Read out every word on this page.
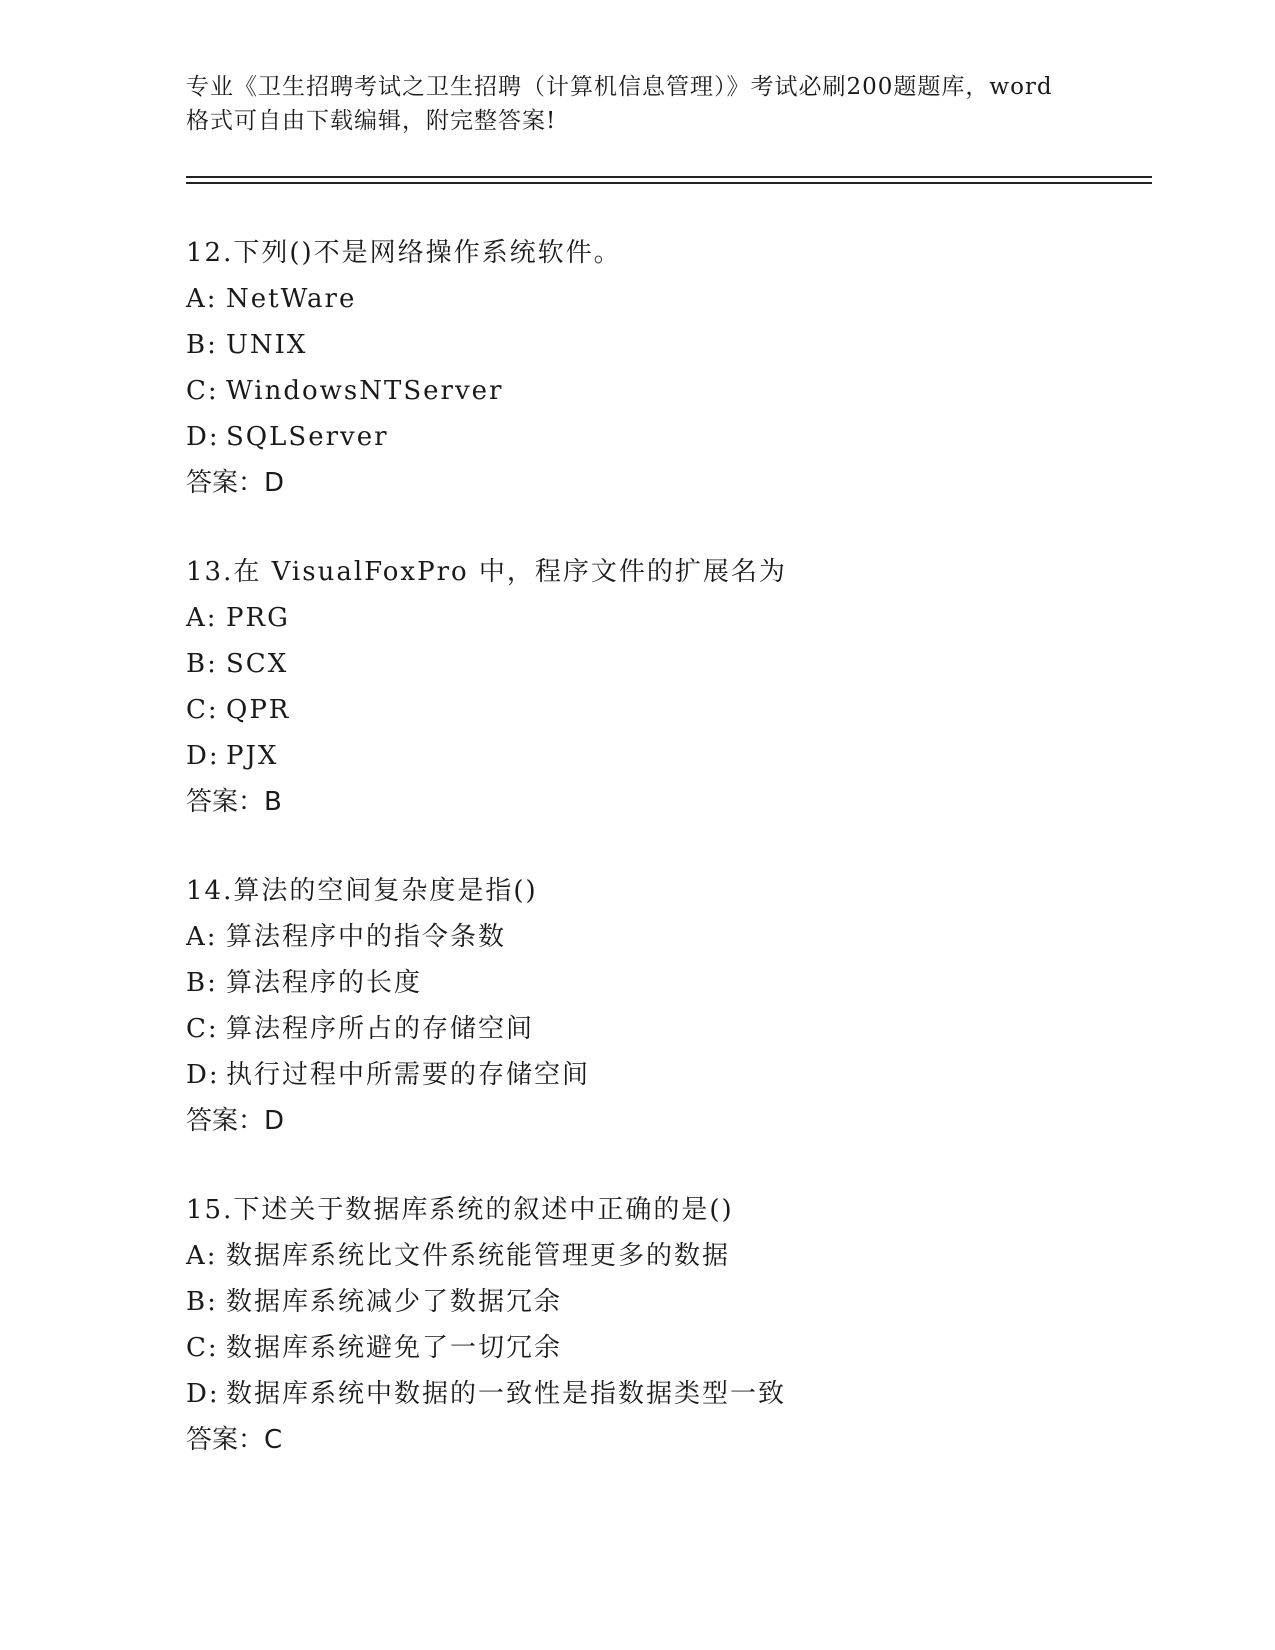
专业《卫生招聘考试之卫生招聘（计算机信息管理）》考试必刷200题题库，word
格式可自由下载编辑，附完整答案!
12.下列()不是网络操作系统软件。
A: NetWare
B: UNIX
C: WindowsNTServer
D: SQLServer
答案：D
13.在 VisualFoxPro 中，程序文件的扩展名为
A: PRG
B: SCX
C: QPR
D: PJX
答案：B
14.算法的空间复杂度是指()
A: 算法程序中的指令条数
B: 算法程序的长度
C: 算法程序所占的存储空间
D: 执行过程中所需要的存储空间
答案：D
15.下述关于数据库系统的叙述中正确的是()
A: 数据库系统比文件系统能管理更多的数据
B: 数据库系统减少了数据冗余
C: 数据库系统避免了一切冗余
D: 数据库系统中数据的一致性是指数据类型一致
答案：C
